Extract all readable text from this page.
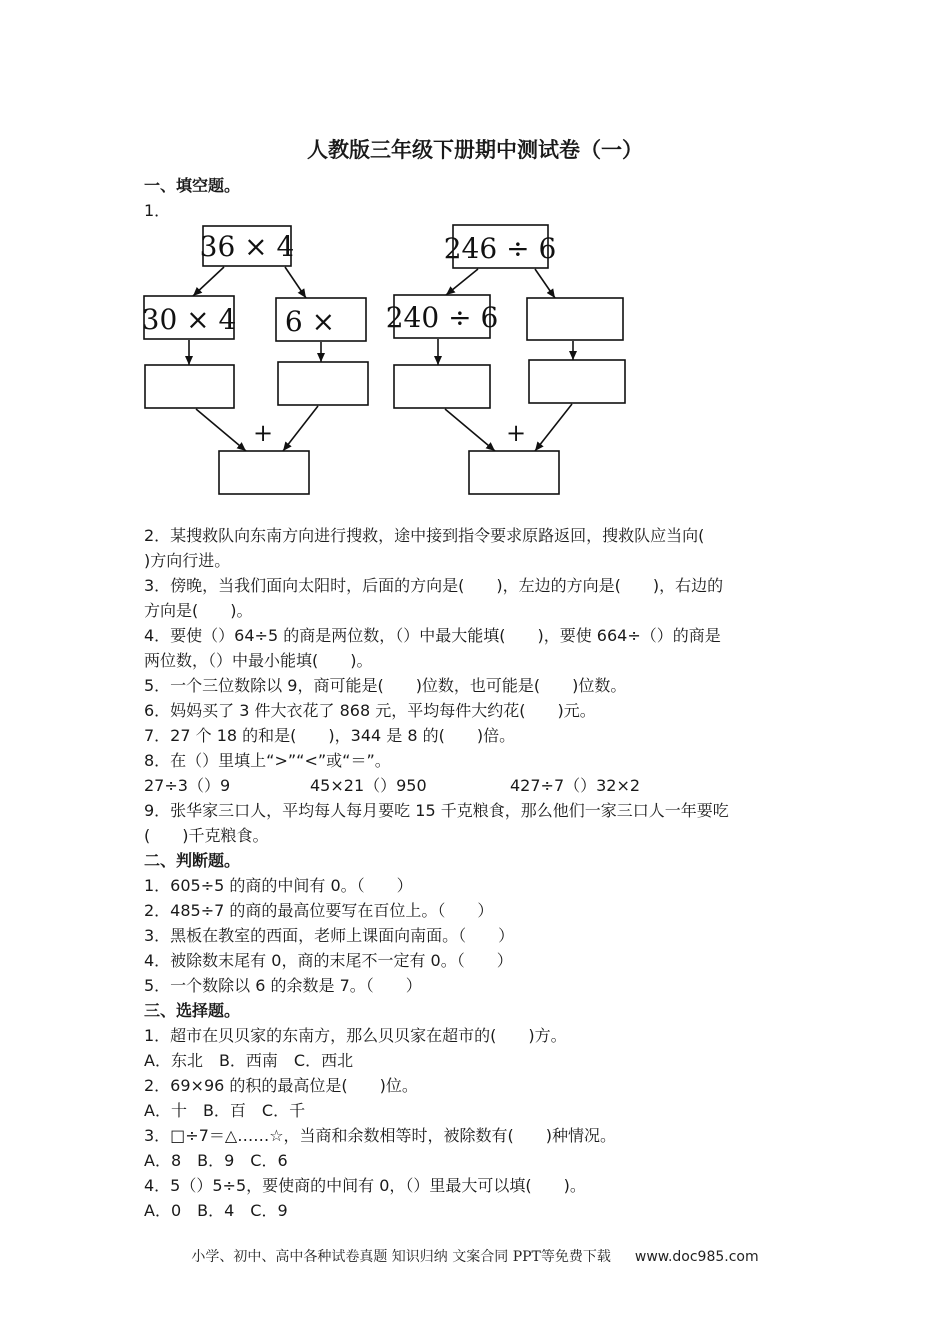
人教版三年级下册期中测试卷（一）
一、填空题。
1．
36 × 4
30 × 4 6 ×
246 ÷ 6
240 ÷ 6
+	+
2．某搜救队向东南方向进行搜救，途中接到指令要求原路返回，搜救队应当向(
)方向行进。
3．傍晚，当我们面向太阳时，后面的方向是(　　)，左边的方向是(　　)，右边的
方向是(　　)。
4．要使（）64÷5 的商是两位数，（）中最大能填(　　)，要使 664÷（）的商是
两位数，（）中最小能填(　　)。
5．一个三位数除以 9，商可能是(　　)位数，也可能是(　　)位数。
6．妈妈买了 3 件大衣花了 868 元，平均每件大约花(　　)元。
7．27 个 18 的和是(　　)，344 是 8 的(　　)倍。
8．在（）里填上“>”“<”或“＝”。
27÷3（）9	45×21（）950	427÷7（）32×2
9．张华家三口人，平均每人每月要吃 15 千克粮食，那么他们一家三口人一年要吃
(　　)千克粮食。
二、判断题。
1．605÷5 的商的中间有 0。（　　）
2．485÷7 的商的最高位要写在百位上。（　　）
3．黑板在教室的西面，老师上课面向南面。（　　）
4．被除数末尾有 0，商的末尾不一定有 0。（　　）
5．一个数除以 6 的余数是 7。（　　）
三、选择题。
1．超市在贝贝家的东南方，那么贝贝家在超市的(　　)方。
A．东北　B．西南　C．西北
2．69×96 的积的最高位是(　　)位。
A．十　B．百　C．千
3．□÷7＝△……☆，当商和余数相等时，被除数有(　　)种情况。
A．8　B．9　C．6
4．5（）5÷5，要使商的中间有 0，（）里最大可以填(　　)。
A．0　B．4　C．9
小学、初中、高中各种试卷真题 知识归纳 文案合同 PPT等免费下载 www.doc985.com
